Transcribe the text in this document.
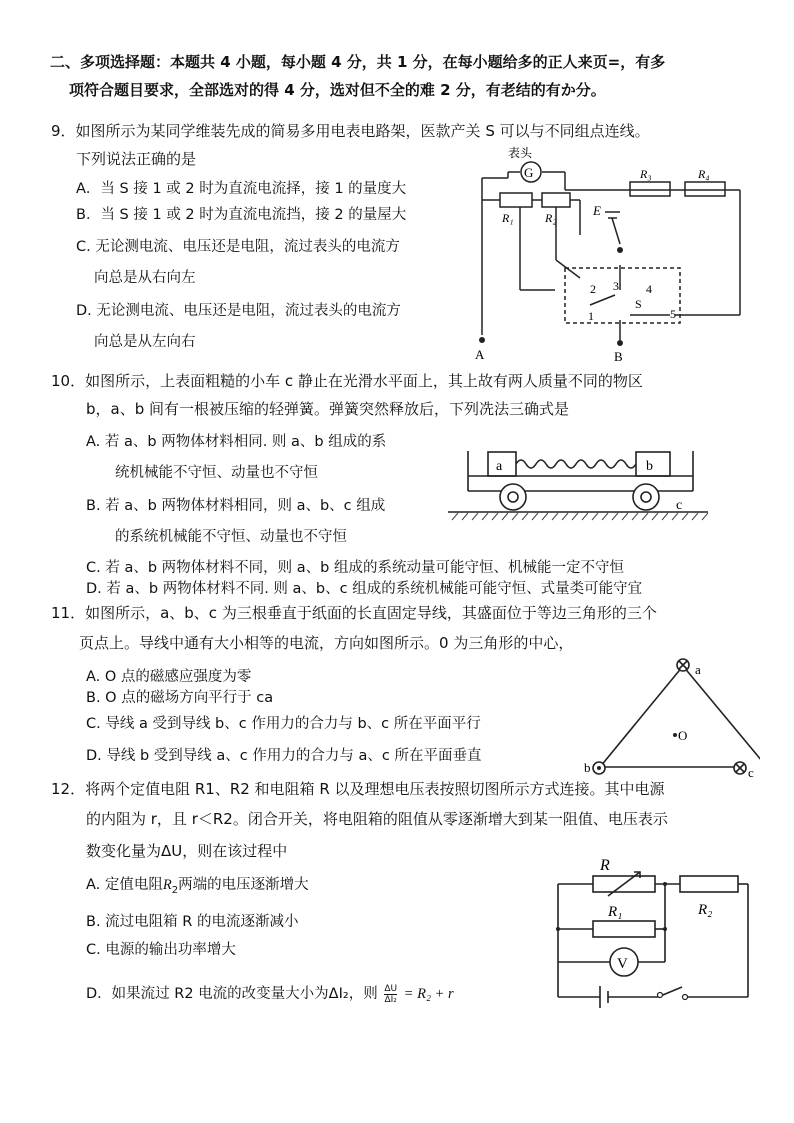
二、多项选择题：本题共 4 小题，每小题 4 分，共 1 分，在每小题给多的正人来页=，有多
项符合题目要求，全部选对的得 4 分，选对但不全的难 2 分，有老结的有か分。
9．如图所示为某同学维装先成的简易多用电表电路架，医款产关 S 可以与不同组点连线。
下列说法正确的是
A．当 S 接 1 或 2 时为直流电流择，接 1 的量度大
B．当 S 接 1 或 2 时为直流电流挡，接 2 的量屋大
C. 无论测电流、电压还是电阻，流过表头的电流方
向总是从右向左
D. 无论测电流、电压还是电阻，流过表头的电流方
向总是从左向右
G
表头
R₁	R₂
R₃	R₄
E
1
2 3 4
5
S
A	B
10．如图所示，上表面粗糙的小车 c 静止在光滑水平面上，其上故有两人质量不同的物区
b，a、b 间有一根被压缩的轻弹簧。弹簧突然释放后，下列冼法三确式是
A. 若 a、b 两物体材料相同. 则 a、b 组成的系
统机械能不守恒、动量也不守恒
B. 若 a、b 两物体材料相同，则 a、b、c 组成
的系统机械能不守恒、动量也不守恒
C. 若 a、b 两物体材料不同，则 a、b 组成的系统动量可能守恒、机械能一定不守恒
D. 若 a、b 两物体材料不同. 则 a、b、c 组成的系统机械能可能守恒、式量类可能守宜
a	b
c
11．如图所示，a、b、c 为三根垂直于纸面的长直固定导线，其盛面位于等边三角形的三个
页点上。导线中通有大小相等的电流，方向如图所示。0 为三角形的中心，
A. O 点的磁感应强度为零
B. O 点的磁场方向平行于 ca
C. 导线 a 受到导线 b、c 作用力的合力与 b、c 所在平面平行
D. 导线 b 受到导线 a、c 作用力的合力与 a、c 所在平面垂直
a
b	c
O
12．将两个定值电阻 R1、R2 和电阻箱 R 以及理想电压表按照切图所示方式连接。其中电源
的内阻为 r，且 r＜R2。闭合开关，将电阻箱的阻值从零逐渐增大到某一阻值、电压表示
数变化量为ΔU，则在该过程中
A. 定值电阻$R_2$两端的电压逐渐增大
B. 流过电阻箱 R 的电流逐渐减小
C. 电源的输出功率增大
D．如果流过 R2 电流的改变量大小为ΔI₂，则 $\frac{\Delta U}{\text{ΔI₂}} = R_2 + r$
R
R₁	R₂
V
